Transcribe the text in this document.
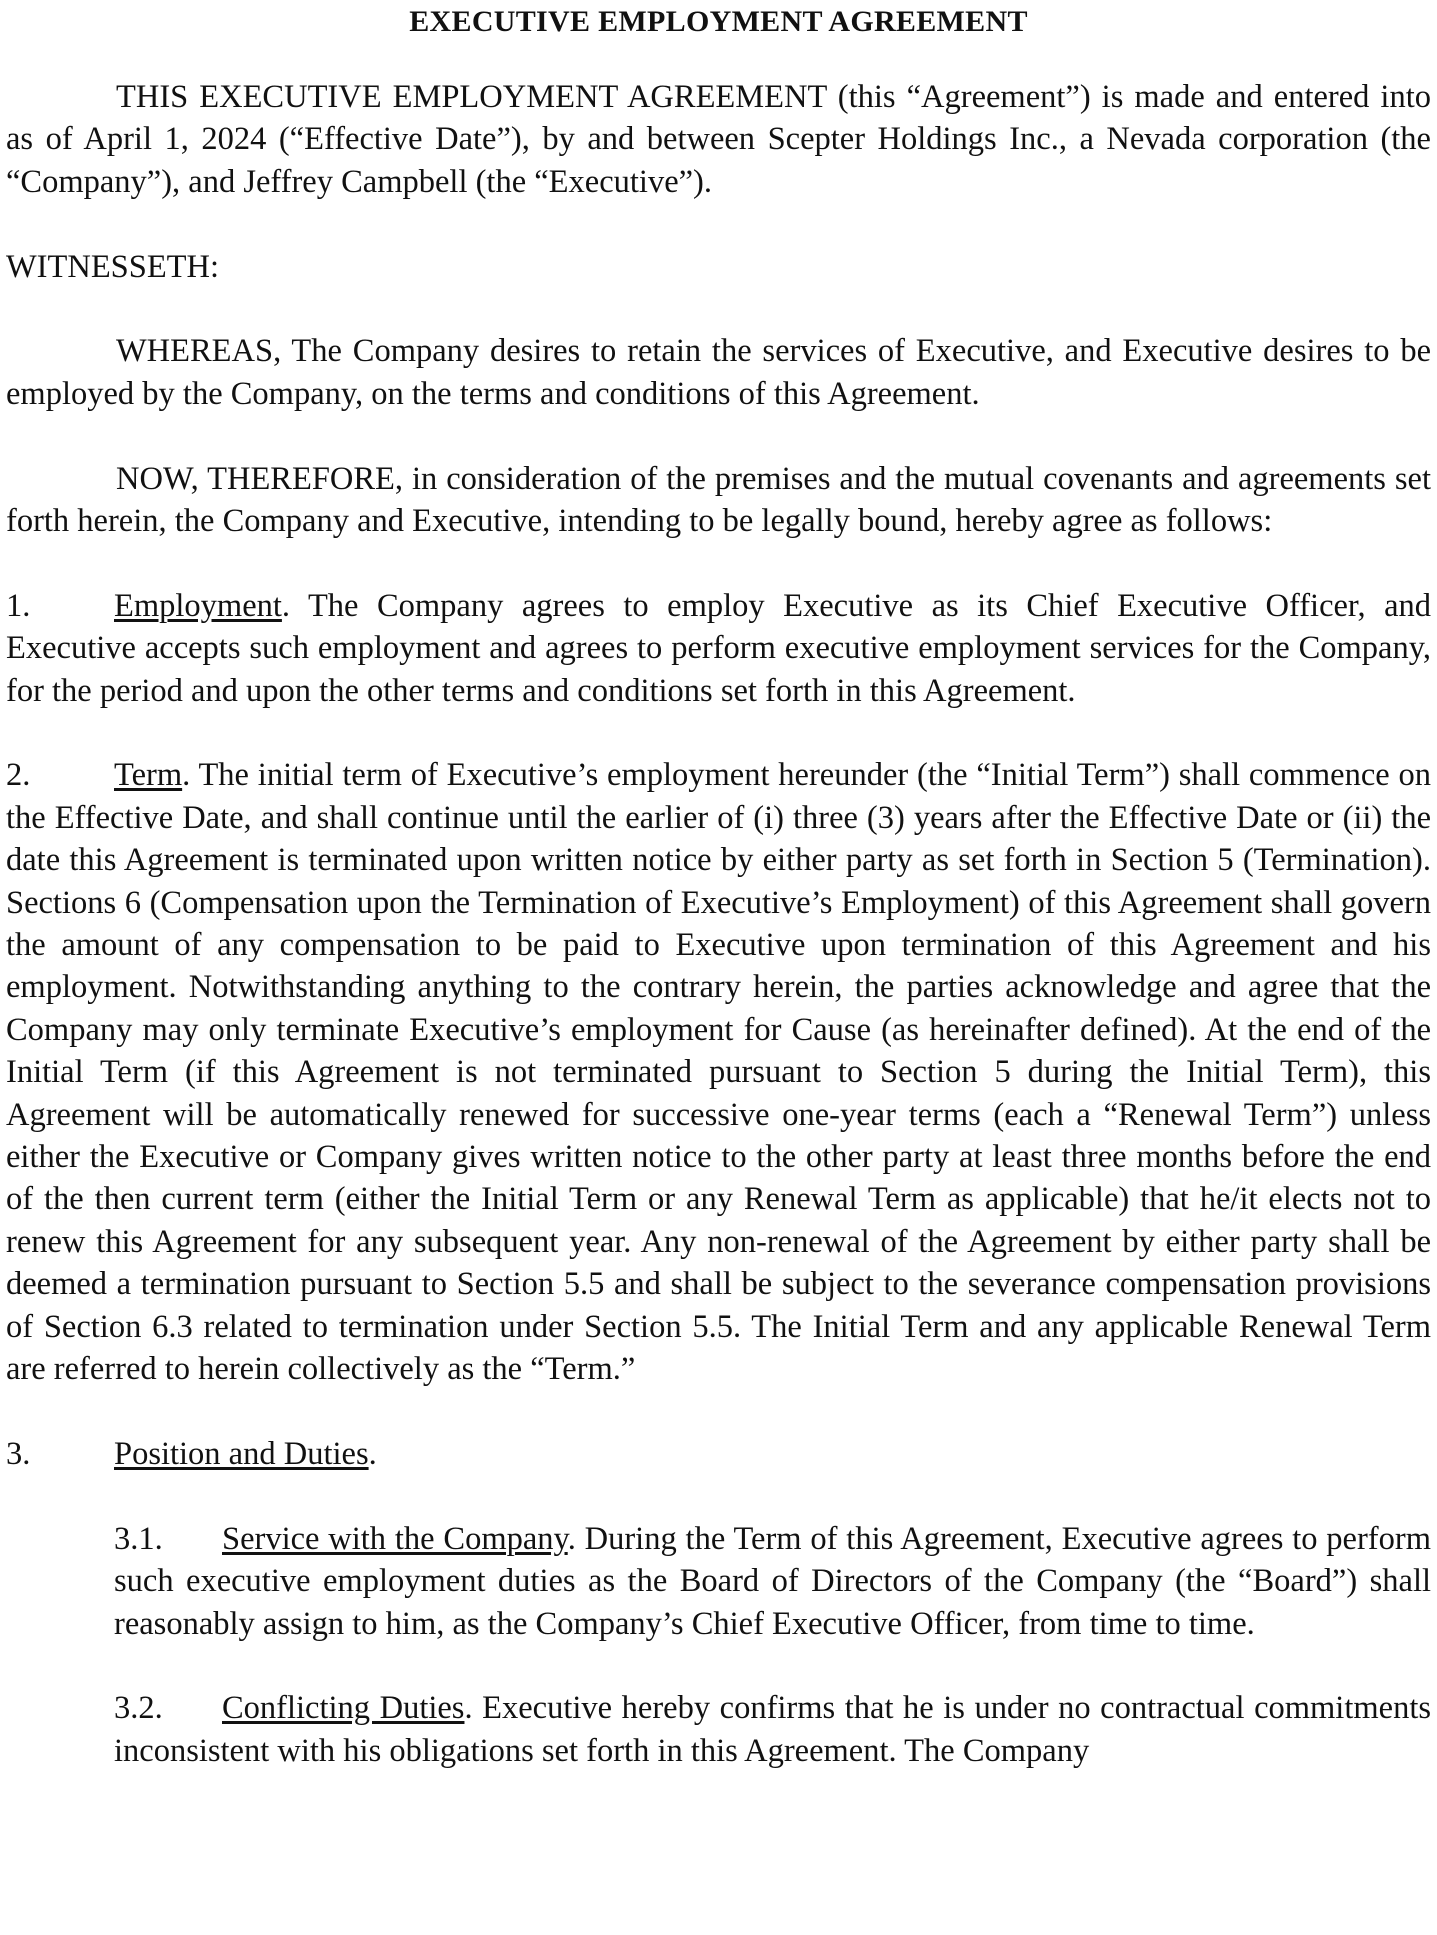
EXECUTIVE EMPLOYMENT AGREEMENT

THIS EXECUTIVE EMPLOYMENT AGREEMENT (this “Agreement”) is made and entered into as of April 1, 2024 (“Effective Date”), by and between Scepter Holdings Inc., a Nevada corporation (the “Company”), and Jeffrey Campbell (the “Executive”).

WITNESSETH:

WHEREAS, The Company desires to retain the services of Executive, and Executive desires to be employed by the Company, on the terms and conditions of this Agreement.

NOW, THEREFORE, in consideration of the premises and the mutual covenants and agreements set forth herein, the Company and Executive, intending to be legally bound, hereby agree as follows:

1.	Employment. The Company agrees to employ Executive as its Chief Executive Officer, and Executive accepts such employment and agrees to perform executive employment services for the Company, for the period and upon the other terms and conditions set forth in this Agreement.

2.	Term. The initial term of Executive’s employment hereunder (the “Initial Term”) shall commence on the Effective Date, and shall continue until the earlier of (i) three (3) years after the Effective Date or (ii) the date this Agreement is terminated upon written notice by either party as set forth in Section 5 (Termination). Sections 6 (Compensation upon the Termination of Executive’s Employment) of this Agreement shall govern the amount of any compensation to be paid to Executive upon termination of this Agreement and his employment. Notwithstanding anything to the contrary herein, the parties acknowledge and agree that the Company may only terminate Executive’s employment for Cause (as hereinafter defined). At the end of the Initial Term (if this Agreement is not terminated pursuant to Section 5 during the Initial Term), this Agreement will be automatically renewed for successive one-year terms (each a “Renewal Term”) unless either the Executive or Company gives written notice to the other party at least three months before the end of the then current term (either the Initial Term or any Renewal Term as applicable) that he/it elects not to renew this Agreement for any subsequent year. Any non-renewal of the Agreement by either party shall be deemed a termination pursuant to Section 5.5 and shall be subject to the severance compensation provisions of Section 6.3 related to termination under Section 5.5. The Initial Term and any applicable Renewal Term are referred to herein collectively as the “Term.”

3.	Position and Duties.

3.1. Service with the Company. During the Term of this Agreement, Executive agrees to perform such executive employment duties as the Board of Directors of the Company (the “Board”) shall reasonably assign to him, as the Company’s Chief Executive Officer, from time to time.

3.2. Conflicting Duties. Executive hereby confirms that he is under no contractual commitments inconsistent with his obligations set forth in this Agreement. The Company
